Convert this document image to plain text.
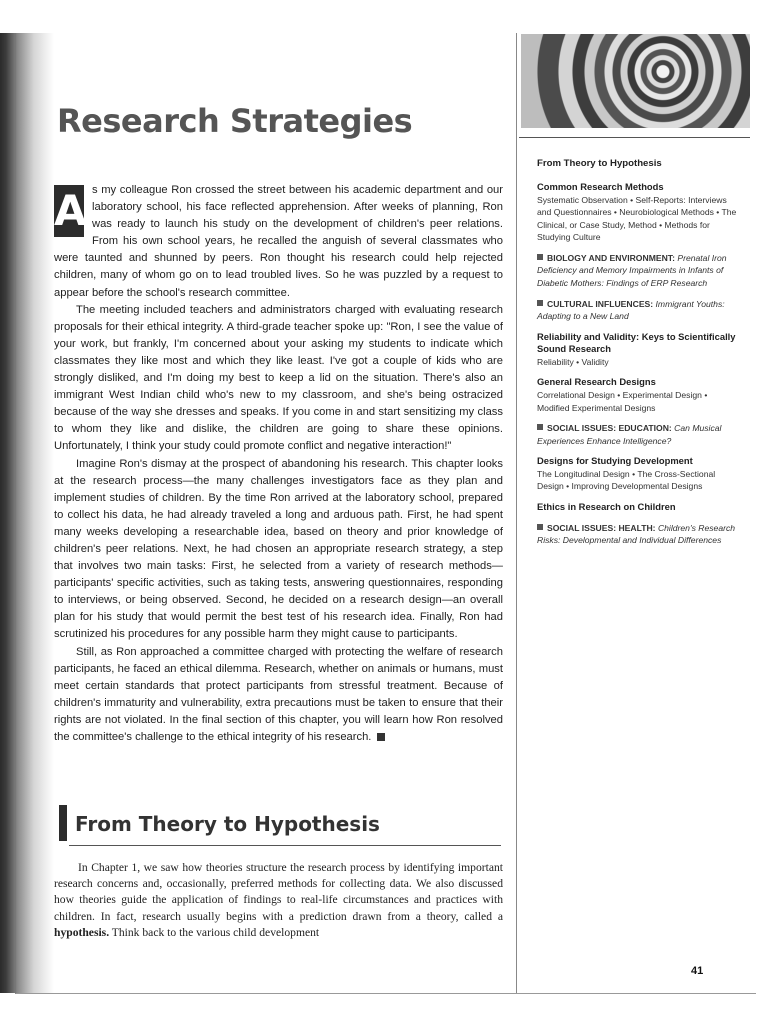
Research Strategies

A s my colleague Ron crossed the street between his academic department and our laboratory school, his face reflected apprehension. After weeks of planning, Ron was ready to launch his study on the development of children's peer relations. From his own school years, he recalled the anguish of several classmates who were taunted and shunned by peers. Ron thought his research could help rejected children, many of whom go on to lead troubled lives. So he was puzzled by a request to appear before the school's research committee.

The meeting included teachers and administrators charged with evaluating research proposals for their ethical integrity. A third-grade teacher spoke up: "Ron, I see the value of your work, but frankly, I'm concerned about your asking my students to indicate which classmates they like most and which they like least. I've got a couple of kids who are strongly disliked, and I'm doing my best to keep a lid on the situation. There's also an immigrant West Indian child who's new to my classroom, and she's being ostracized because of the way she dresses and speaks. If you come in and start sensitizing my class to whom they like and dislike, the children are going to share these opinions. Unfortunately, I think your study could promote conflict and negative interaction!"

Imagine Ron's dismay at the prospect of abandoning his research. This chapter looks at the research process—the many challenges investigators face as they plan and implement studies of children. By the time Ron arrived at the laboratory school, prepared to collect his data, he had already traveled a long and arduous path. First, he had spent many weeks developing a researchable idea, based on theory and prior knowledge of children's peer relations. Next, he had chosen an appropriate research strategy, a step that involves two main tasks: First, he selected from a variety of research methods—participants' specific activities, such as taking tests, answering questionnaires, responding to interviews, or being observed. Second, he decided on a research design—an overall plan for his study that would permit the best test of his research idea. Finally, Ron had scrutinized his procedures for any possible harm they might cause to participants.

Still, as Ron approached a committee charged with protecting the welfare of research participants, he faced an ethical dilemma. Research, whether on animals or humans, must meet certain standards that protect participants from stressful treatment. Because of children's immaturity and vulnerability, extra precautions must be taken to ensure that their rights are not violated. In the final section of this chapter, you will learn how Ron resolved the committee's challenge to the ethical integrity of his research.

From Theory to Hypothesis
In Chapter 1, we saw how theories structure the research process by identifying important research concerns and, occasionally, preferred methods for collecting data. We also discussed how theories guide the application of findings to real-life circumstances and practices with children. In fact, research usually begins with a prediction drawn from a theory, called a hypothesis. Think back to the various child development
From Theory to Hypothesis
Common Research Methods
Systematic Observation • Self-Reports: Interviews and Questionnaires • Neurobiological Methods • The Clinical, or Case Study, Method • Methods for Studying Culture
BIOLOGY AND ENVIRONMENT: Prenatal Iron Deficiency and Memory Impairments in Infants of Diabetic Mothers: Findings of ERP Research
CULTURAL INFLUENCES: Immigrant Youths: Adapting to a New Land
Reliability and Validity: Keys to Scientifically Sound Research
Reliability • Validity
General Research Designs
Correlational Design • Experimental Design • Modified Experimental Designs
SOCIAL ISSUES: EDUCATION: Can Musical Experiences Enhance Intelligence?
Designs for Studying Development
The Longitudinal Design • The Cross-Sectional Design • Improving Developmental Designs
Ethics in Research on Children
SOCIAL ISSUES: HEALTH: Children's Research Risks: Developmental and Individual Differences
41
